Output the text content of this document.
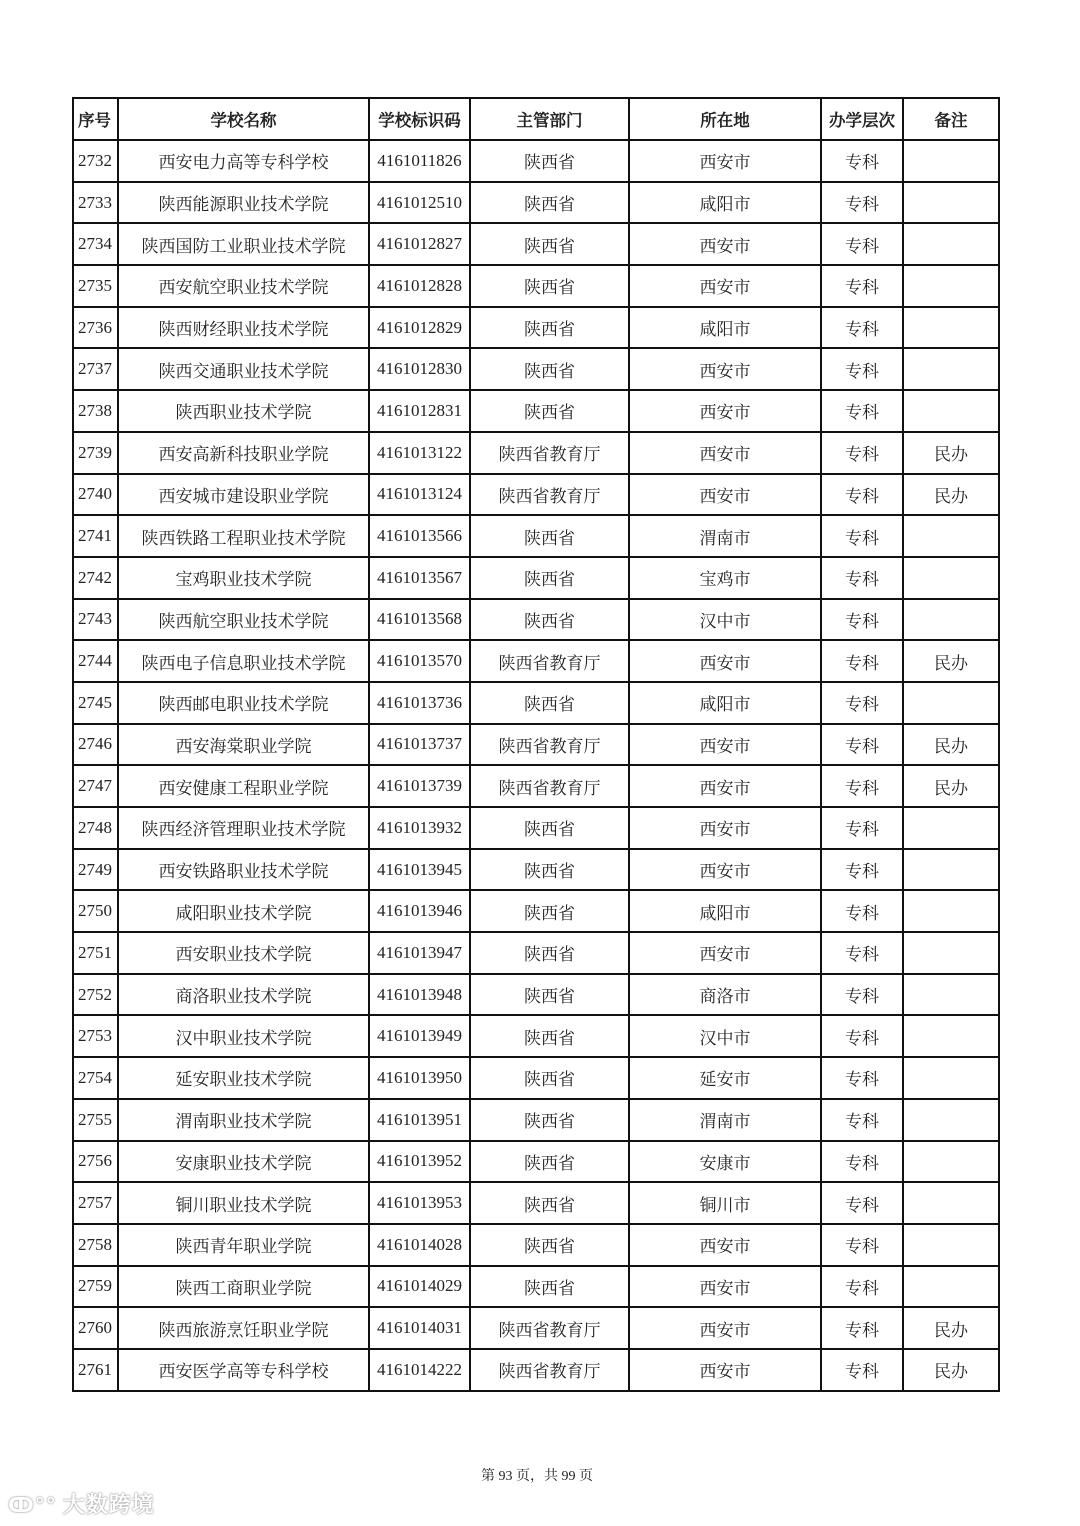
序号	学校名称	学校标识码	主管部门	所在地	办学层次	备注
2732	西安电力高等专科学校	4161011826	陕西省	西安市	专科	
2733	陕西能源职业技术学院	4161012510	陕西省	咸阳市	专科	
2734	陕西国防工业职业技术学院	4161012827	陕西省	西安市	专科	
2735	西安航空职业技术学院	4161012828	陕西省	西安市	专科	
2736	陕西财经职业技术学院	4161012829	陕西省	咸阳市	专科	
2737	陕西交通职业技术学院	4161012830	陕西省	西安市	专科	
2738	陕西职业技术学院	4161012831	陕西省	西安市	专科	
2739	西安高新科技职业学院	4161013122	陕西省教育厅	西安市	专科	民办
2740	西安城市建设职业学院	4161013124	陕西省教育厅	西安市	专科	民办
2741	陕西铁路工程职业技术学院	4161013566	陕西省	渭南市	专科	
2742	宝鸡职业技术学院	4161013567	陕西省	宝鸡市	专科	
2743	陕西航空职业技术学院	4161013568	陕西省	汉中市	专科	
2744	陕西电子信息职业技术学院	4161013570	陕西省教育厅	西安市	专科	民办
2745	陕西邮电职业技术学院	4161013736	陕西省	咸阳市	专科	
2746	西安海棠职业学院	4161013737	陕西省教育厅	西安市	专科	民办
2747	西安健康工程职业学院	4161013739	陕西省教育厅	西安市	专科	民办
2748	陕西经济管理职业技术学院	4161013932	陕西省	西安市	专科	
2749	西安铁路职业技术学院	4161013945	陕西省	西安市	专科	
2750	咸阳职业技术学院	4161013946	陕西省	咸阳市	专科	
2751	西安职业技术学院	4161013947	陕西省	西安市	专科	
2752	商洛职业技术学院	4161013948	陕西省	商洛市	专科	
2753	汉中职业技术学院	4161013949	陕西省	汉中市	专科	
2754	延安职业技术学院	4161013950	陕西省	延安市	专科	
2755	渭南职业技术学院	4161013951	陕西省	渭南市	专科	
2756	安康职业技术学院	4161013952	陕西省	安康市	专科	
2757	铜川职业技术学院	4161013953	陕西省	铜川市	专科	
2758	陕西青年职业学院	4161014028	陕西省	西安市	专科	
2759	陕西工商职业学院	4161014029	陕西省	西安市	专科	
2760	陕西旅游烹饪职业学院	4161014031	陕西省教育厅	西安市	专科	民办
2761	西安医学高等专科学校	4161014222	陕西省教育厅	西安市	专科	民办
第 93 页，共 99 页
ↀ°° 大数跨境
